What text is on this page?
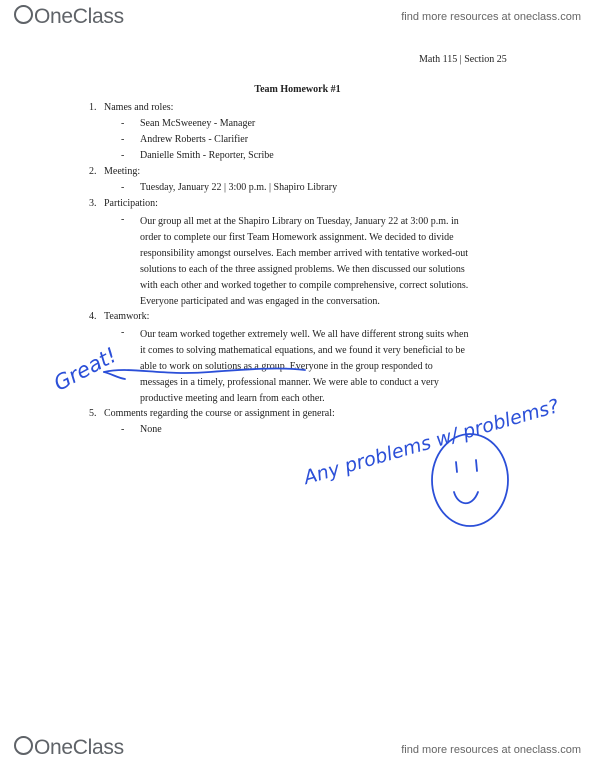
OneClass	find more resources at oneclass.com
Math 115 | Section 25
Team Homework #1
1. Names and roles:
- Sean McSweeney - Manager
- Andrew Roberts - Clarifier
- Danielle Smith - Reporter, Scribe
2. Meeting:
- Tuesday, January 22 | 3:00 p.m. | Shapiro Library
3. Participation:
- Our group all met at the Shapiro Library on Tuesday, January 22 at 3:00 p.m. in
order to complete our first Team Homework assignment. We decided to divide
responsibility amongst ourselves. Each member arrived with tentative worked-out
solutions to each of the three assigned problems. We then discussed our solutions
with each other and worked together to compile comprehensive, correct solutions.
Everyone participated and was engaged in the conversation.
4. Teamwork:
- Our team worked together extremely well. We all have different strong suits when
it comes to solving mathematical equations, and we found it very beneficial to be
able to work on solutions as a group. Everyone in the group responded to
messages in a timely, professional manner. We were able to conduct a very
productive meeting and learn from each other.
5. Comments regarding the course or assignment in general:
- None
Great!
Any problems w/ problems?
OneClass	find more resources at oneclass.com
